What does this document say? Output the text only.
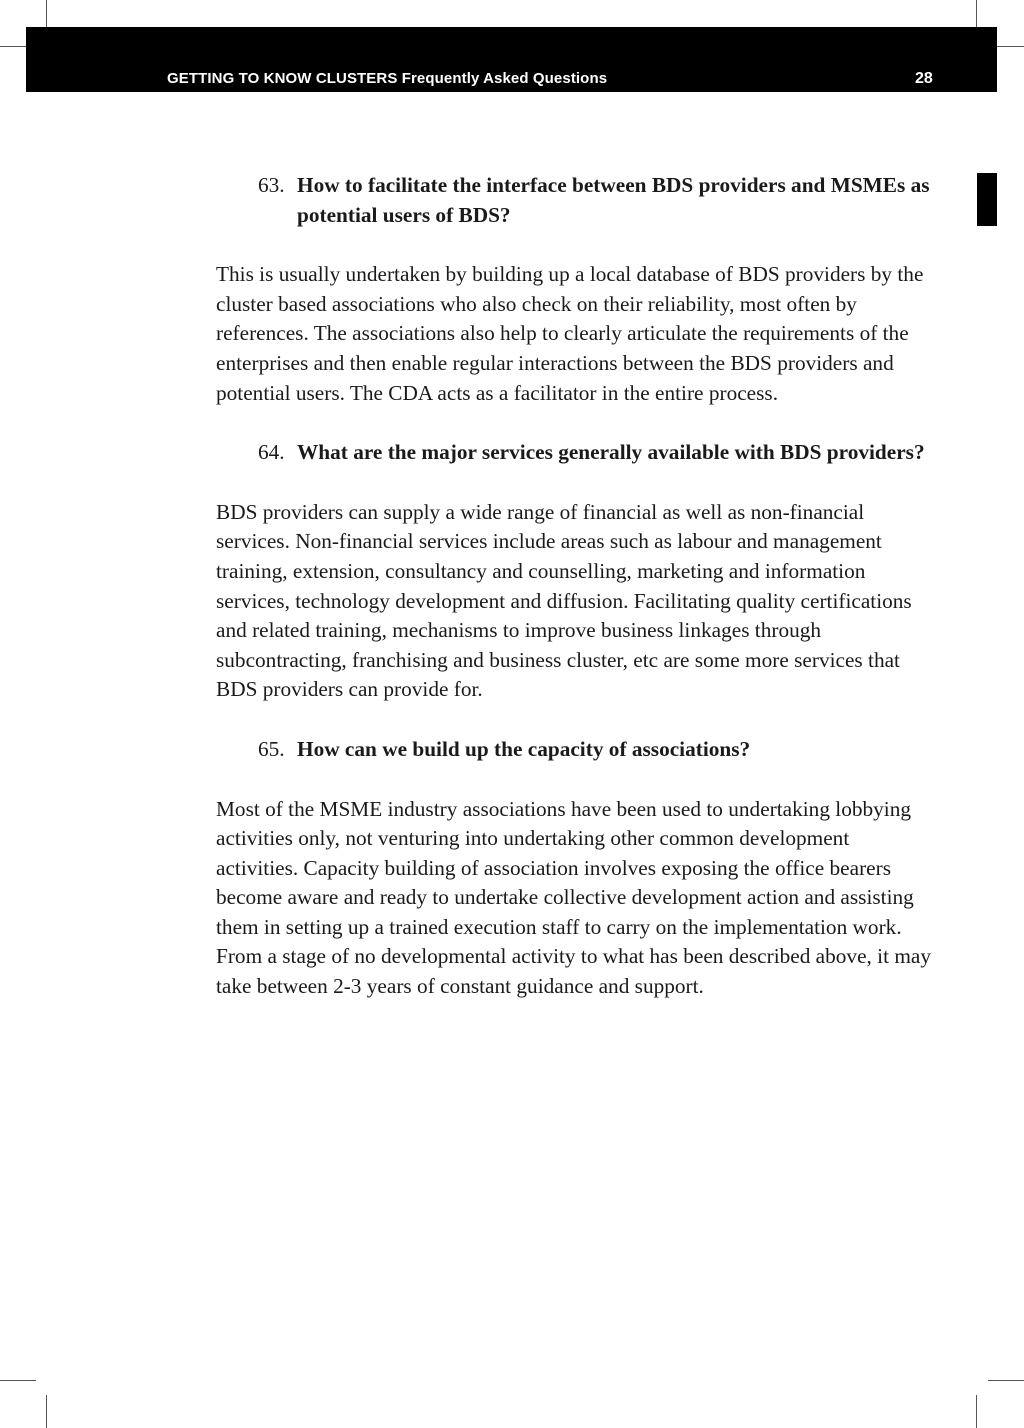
GETTING TO KNOW CLUSTERS Frequently Asked Questions	28
63. How to facilitate the interface between BDS providers and MSMEs as potential users of BDS?

This is usually undertaken by building up a local database of BDS providers by the cluster based associations who also check on their reliability, most often by references. The associations also help to clearly articulate the requirements of the enterprises and then enable regular interactions between the BDS providers and potential users. The CDA acts as a facilitator in the entire process.

64. What are the major services generally available with BDS providers?

BDS providers can supply a wide range of financial as well as non-financial services. Non-financial services include areas such as labour and management training, extension, consultancy and counselling, marketing and information services, technology development and diffusion. Facilitating quality certifications and related training, mechanisms to improve business linkages through subcontracting, franchising and business cluster, etc are some more services that BDS providers can provide for.

65. How can we build up the capacity of associations?

Most of the MSME industry associations have been used to undertaking lobbying activities only, not venturing into undertaking other common development activities. Capacity building of association involves exposing the office bearers become aware and ready to undertake collective development action and assisting them in setting up a trained execution staff to carry on the implementation work. From a stage of no developmental activity to what has been described above, it may take between 2-3 years of constant guidance and support.
